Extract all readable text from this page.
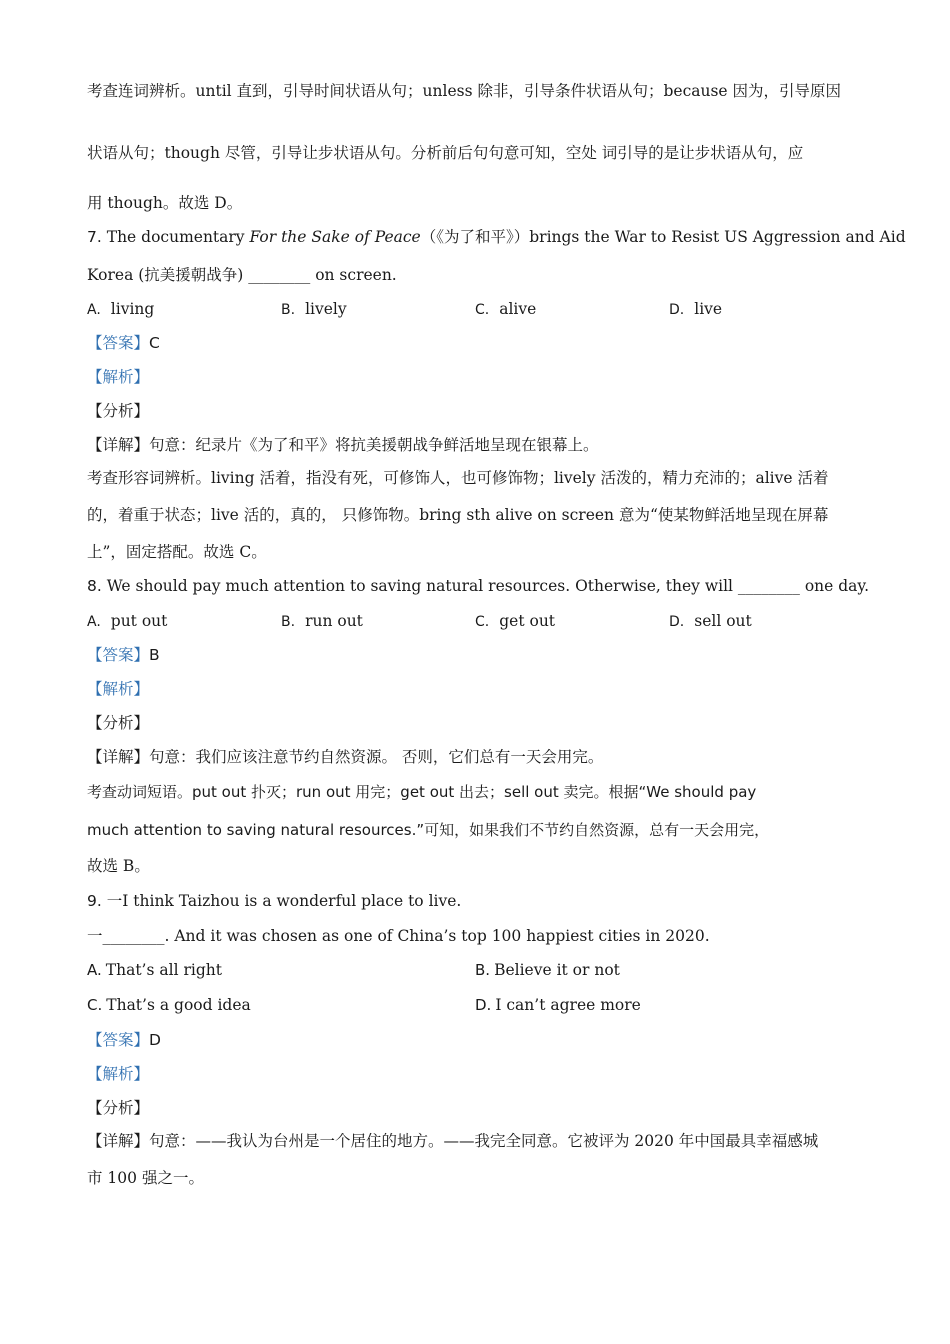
考查连词辨析。until 直到，引导时间状语从句；unless 除非，引导条件状语从句；because 因为，引导原因
状语从句；though 尽管，引导让步状语从句。分析前后句句意可知，空处 词引导的是让步状语从句，应
用 though。故选 D。
7. The documentary For the Sake of Peace（《为了和平》）brings the War to Resist US Aggression and Aid
Korea (抗美援朝战争) ________ on screen.
A. living	B. lively	C. alive	D. live
【答案】C
【解析】
【分析】
【详解】句意：纪录片《为了和平》将抗美援朝战争鲜活地呈现在银幕上。
考查形容词辨析。living 活着，指没有死，可修饰人，也可修饰物；lively 活泼的，精力充沛的；alive 活着
的，着重于状态；live 活的，真的， 只修饰物。bring sth alive on screen 意为“使某物鲜活地呈现在屏幕
上”，固定搭配。故选 C。
8. We should pay much attention to saving natural resources. Otherwise, they will ________ one day.
A. put out	B. run out	C. get out	D. sell out
【答案】B
【解析】
【分析】
【详解】句意：我们应该注意节约自然资源。 否则，它们总有一天会用完。
考查动词短语。put out 扑灭；run out 用完；get out 出去；sell out 卖完。根据“We should pay
much attention to saving natural resources.”可知，如果我们不节约自然资源，总有一天会用完，
故选 B。
9. 一I think Taizhou is a wonderful place to live.
一________. And it was chosen as one of China’s top 100 happiest cities in 2020.
A. That’s all right	B. Believe it or not
C. That’s a good idea	D. I can’t agree more
【答案】D
【解析】
【分析】
【详解】句意：——我认为台州是一个居住的地方。——我完全同意。它被评为 2020 年中国最具幸福感城
市 100 强之一。
